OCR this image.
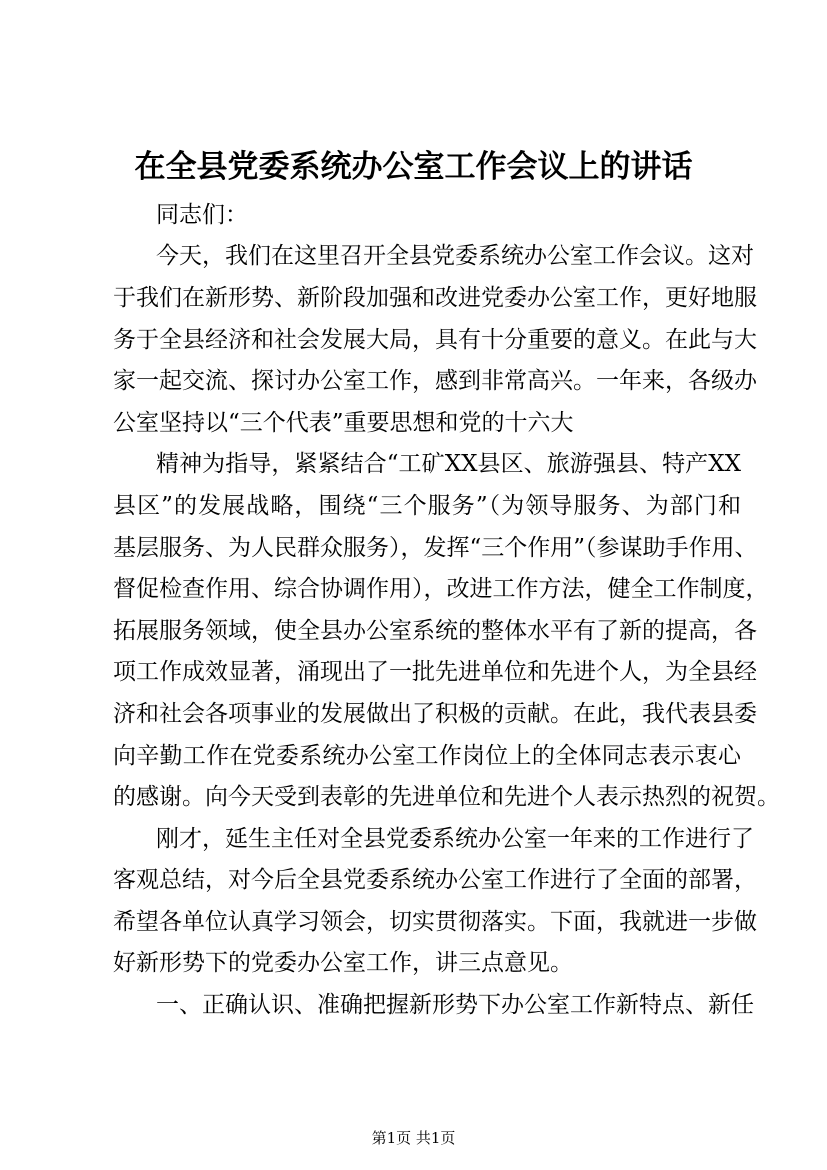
在全县党委系统办公室工作会议上的讲话
同志们：
今天，我们在这里召开全县党委系统办公室工作会议。这对
于我们在新形势、新阶段加强和改进党委办公室工作，更好地服
务于全县经济和社会发展大局，具有十分重要的意义。在此与大
家一起交流、探讨办公室工作，感到非常高兴。一年来，各级办
公室坚持以“三个代表”重要思想和党的十六大
精神为指导，紧紧结合“工矿XX县区、旅游强县、特产XX
县区”的发展战略，围绕“三个服务”（为领导服务、为部门和
基层服务、为人民群众服务），发挥“三个作用”（参谋助手作用、
督促检查作用、综合协调作用），改进工作方法，健全工作制度，
拓展服务领域，使全县办公室系统的整体水平有了新的提高，各
项工作成效显著，涌现出了一批先进单位和先进个人，为全县经
济和社会各项事业的发展做出了积极的贡献。在此，我代表县委
向辛勤工作在党委系统办公室工作岗位上的全体同志表示衷心
的感谢。向今天受到表彰的先进单位和先进个人表示热烈的祝贺。
刚才，延生主任对全县党委系统办公室一年来的工作进行了
客观总结，对今后全县党委系统办公室工作进行了全面的部署，
希望各单位认真学习领会，切实贯彻落实。下面，我就进一步做
好新形势下的党委办公室工作，讲三点意见。
一、正确认识、准确把握新形势下办公室工作新特点、新任
第1页 共1页
